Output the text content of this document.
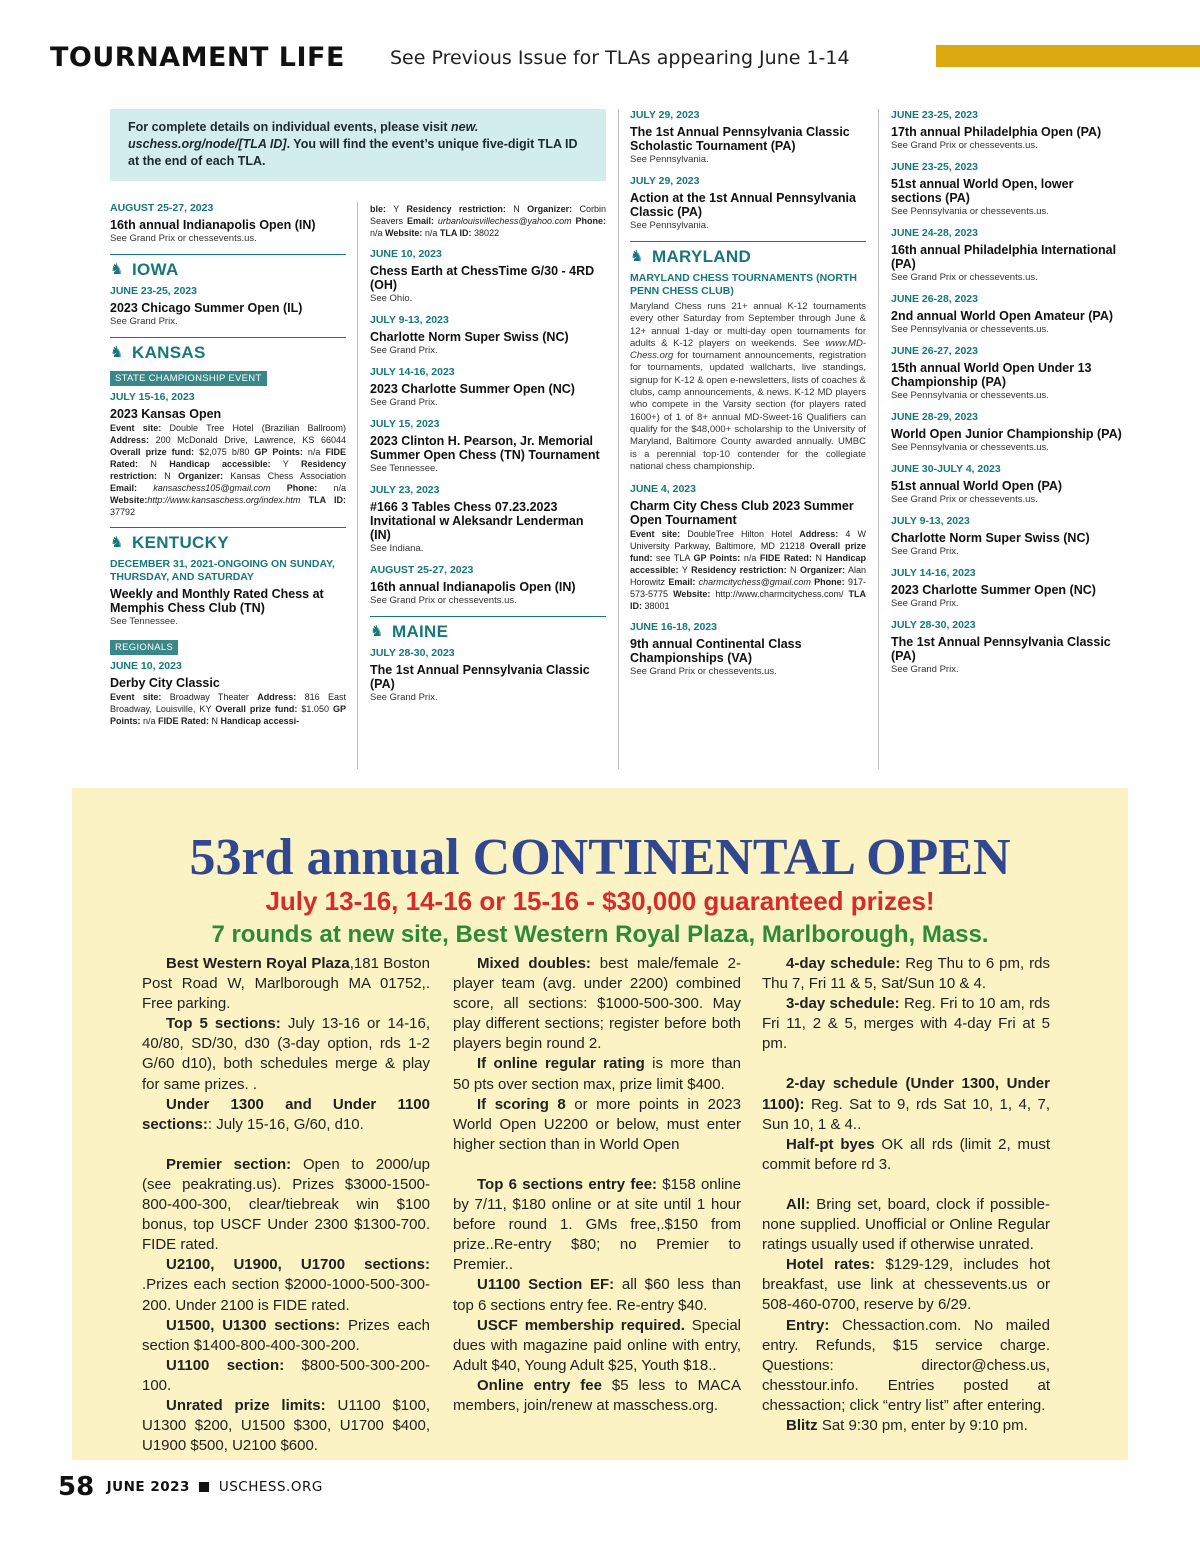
TOURNAMENT LIFE See Previous Issue for TLAs appearing June 1-14
For complete details on individual events, please visit new. uschess.org/node/[TLA ID]. You will find the event’s unique five-digit TLA ID at the end of each TLA.
AUGUST 25-27, 2023
16th annual Indianapolis Open (IN)
See Grand Prix or chessevents.us.
♞ IOWA
JUNE 23-25, 2023
2023 Chicago Summer Open (IL)
See Grand Prix.
♞ KANSAS
STATE CHAMPIONSHIP EVENT
JULY 15-16, 2023
2023 Kansas Open
Event site: Double Tree Hotel (Brazilian Ballroom) Address: 200 McDonald Drive, Lawrence, KS 66044 Overall prize fund: $2,075 b/80 GP Points: n/a FIDE Rated: N Handicap accessible: Y Residency restriction: N Organizer: Kansas Chess Association Email: kansaschess105@gmail.com Phone: n/a Website:http://www.kansaschess.org/index.htm TLA ID: 37792
♞ KENTUCKY
DECEMBER 31, 2021-ONGOING ON SUNDAY, THURSDAY, AND SATURDAY
Weekly and Monthly Rated Chess at Memphis Chess Club (TN)
See Tennessee.
REGIONALS
JUNE 10, 2023
Derby City Classic
Event site: Broadway Theater Address: 816 East Broadway, Louisville, KY Overall prize fund: $1.050 GP Points: n/a FIDE Rated: N Handicap accessi-
ble: Y Residency restriction: N Organizer: Corbin Seavers Email: urbanlouisvillechess@yahoo.com Phone: n/a Website: n/a TLA ID: 38022
JUNE 10, 2023
Chess Earth at ChessTime G/30 - 4RD (OH)
See Ohio.
JULY 9-13, 2023
Charlotte Norm Super Swiss (NC)
See Grand Prix.
JULY 14-16, 2023
2023 Charlotte Summer Open (NC)
See Grand Prix.
JULY 15, 2023
2023 Clinton H. Pearson, Jr. Memorial Summer Open Chess (TN) Tournament
See Tennessee.
JULY 23, 2023
#166 3 Tables Chess 07.23.2023 Invitational w Aleksandr Lenderman (IN)
See Indiana.
AUGUST 25-27, 2023
16th annual Indianapolis Open (IN)
See Grand Prix or chessevents.us.
♞ MAINE
JULY 28-30, 2023
The 1st Annual Pennsylvania Classic (PA)
See Grand Prix.
JULY 29, 2023
The 1st Annual Pennsylvania Classic Scholastic Tournament (PA)
See Pennsylvania.
JULY 29, 2023
Action at the 1st Annual Pennsylvania Classic (PA)
See Pennsylvania.
♞ MARYLAND
MARYLAND CHESS TOURNAMENTS (NORTH PENN CHESS CLUB)
Maryland Chess runs 21+ annual K-12 tournaments every other Saturday from September through June & 12+ annual 1-day or multi-day open tournaments for adults & K-12 players on weekends. See www.MD-Chess.org for tournament announcements, registration for tournaments, updated wallcharts, live standings, signup for K-12 & open e-newsletters, lists of coaches & clubs, camp announcements, & news. K-12 MD players who compete in the Varsity section (for players rated 1600+) of 1 of 8+ annual MD-Sweet-16 Qualifiers can qualify for the $48,000+ scholarship to the University of Maryland, Baltimore County awarded annually. UMBC is a perennial top-10 contender for the collegiate national chess championship.
JUNE 4, 2023
Charm City Chess Club 2023 Summer Open Tournament
Event site: DoubleTree Hilton Hotel Address: 4 W University Parkway, Baltimore, MD 21218 Overall prize fund: see TLA GP Points: n/a FIDE Rated: N Handicap accessible: Y Residency restriction: N Organizer: Alan Horowitz Email: charmcitychess@gmail.com Phone: 917-573-5775 Website: http://www.charmcitychess.com/ TLA ID: 38001
JUNE 16-18, 2023
9th annual Continental Class Championships (VA)
See Grand Prix or chessevents.us.
JUNE 23-25, 2023
17th annual Philadelphia Open (PA)
See Grand Prix or chessevents.us.
JUNE 23-25, 2023
51st annual World Open, lower sections (PA)
See Pennsylvania or chessevents.us.
JUNE 24-28, 2023
16th annual Philadelphia International (PA)
See Grand Prix or chessevents.us.
JUNE 26-28, 2023
2nd annual World Open Amateur (PA)
See Pennsylvania or chessevents.us.
JUNE 26-27, 2023
15th annual World Open Under 13 Championship (PA)
See Pennsylvania or chessevents.us.
JUNE 28-29, 2023
World Open Junior Championship (PA)
See Pennsylvania or chessevents.us.
JUNE 30-JULY 4, 2023
51st annual World Open (PA)
See Grand Prix or chessevents.us.
JULY 9-13, 2023
Charlotte Norm Super Swiss (NC)
See Grand Prix.
JULY 14-16, 2023
2023 Charlotte Summer Open (NC)
See Grand Prix.
JULY 28-30, 2023
The 1st Annual Pennsylvania Classic (PA)
See Grand Prix.
53rd annual CONTINENTAL OPEN
July 13-16, 14-16 or 15-16 - $30,000 guaranteed prizes!
7 rounds at new site, Best Western Royal Plaza, Marlborough, Mass.

Best Western Royal Plaza,181 Boston Post Road W, Marlborough MA 01752,. Free parking.

Top 5 sections: July 13-16 or 14-16, 40/80, SD/30, d30 (3-day option, rds 1-2 G/60 d10), both schedules merge & play for same prizes. .

Under 1300 and Under 1100 sections:: July 15-16, G/60, d10.

Premier section: Open to 2000/up (see peakrating.us). Prizes $3000-1500-800-400-300, clear/tiebreak win $100 bonus, top USCF Under 2300 $1300-700. FIDE rated.

U2100, U1900, U1700 sections: .Prizes each section $2000-1000-500-300-200. Under 2100 is FIDE rated.

U1500, U1300 sections: Prizes each section $1400-800-400-300-200.

U1100 section: $800-500-300-200-100.

Unrated prize limits: U1100 $100, U1300 $200, U1500 $300, U1700 $400, U1900 $500, U2100 $600.

Mixed doubles: best male/female 2-player team (avg. under 2200) combined score, all sections: $1000-500-300. May play different sections; register before both players begin round 2.

If online regular rating is more than 50 pts over section max, prize limit $400.

If scoring 8 or more points in 2023 World Open U2200 or below, must enter higher section than in World Open

Top 6 sections entry fee: $158 online by 7/11, $180 online or at site until 1 hour before round 1. GMs free,.$150 from prize..Re-entry $80; no Premier to Premier..

U1100 Section EF: all $60 less than top 6 sections entry fee. Re-entry $40.

USCF membership required. Special dues with magazine paid online with entry, Adult $40, Young Adult $25, Youth $18..

Online entry fee $5 less to MACA members, join/renew at masschess.org.

4-day schedule: Reg Thu to 6 pm, rds Thu 7, Fri 11 & 5, Sat/Sun 10 & 4.

3-day schedule: Reg. Fri to 10 am, rds Fri 11, 2 & 5, merges with 4-day Fri at 5 pm.

2-day schedule (Under 1300, Under 1100): Reg. Sat to 9, rds Sat 10, 1, 4, 7, Sun 10, 1 & 4..

Half-pt byes OK all rds (limit 2, must commit before rd 3.

All: Bring set, board, clock if possible-none supplied. Unofficial or Online Regular ratings usually used if otherwise unrated.

Hotel rates: $129-129, includes hot breakfast, use link at chessevents.us or 508-460-0700, reserve by 6/29.

Entry: Chessaction.com. No mailed entry. Refunds, $15 service charge. Questions: director@chess.us, chesstour.info. Entries posted at chessaction; click “entry list” after entering.

Blitz Sat 9:30 pm, enter by 9:10 pm.

58 JUNE 2023 USCHESS.ORG
